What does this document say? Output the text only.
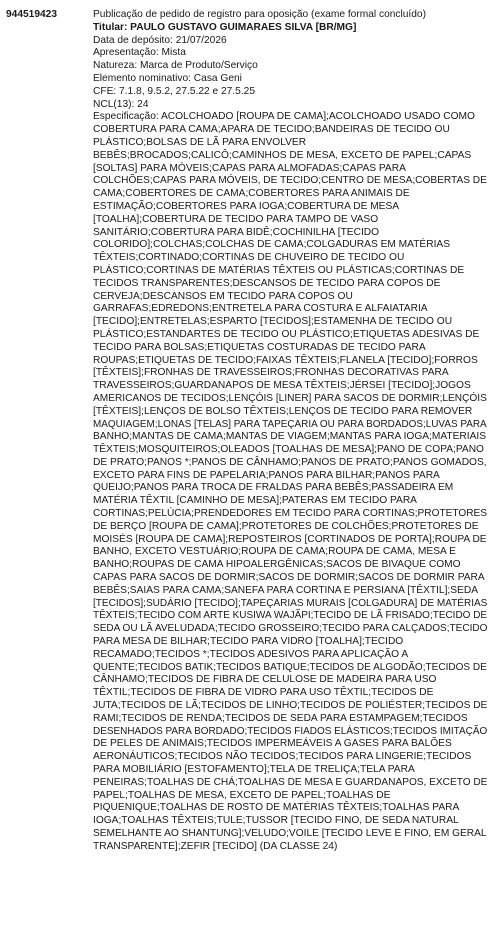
944519423	Publicação de pedido de registro para oposição (exame formal concluído)
Titular: PAULO GUSTAVO GUIMARAES SILVA [BR/MG]
Data de depósito: 21/07/2026
Apresentação: Mista
Natureza: Marca de Produto/Serviço
Elemento nominativo: Casa Geni
CFE: 7.1.8, 9.5.2, 27.5.22 e 27.5.25
NCL(13): 24
Especificação: ACOLCHOADO [ROUPA DE CAMA];ACOLCHOADO USADO COMO
COBERTURA PARA CAMA;APARA DE TECIDO;BANDEIRAS DE TECIDO OU
PLÁSTICO;BOLSAS DE LÃ PARA ENVOLVER
BEBÊS;BROCADOS;CALICÔ;CAMINHOS DE MESA, EXCETO DE PAPEL;CAPAS
[SOLTAS] PARA MÓVEIS;CAPAS PARA ALMOFADAS;CAPAS PARA
COLCHÕES;CAPAS PARA MÓVEIS, DE TECIDO;CENTRO DE MESA;COBERTAS DE
CAMA;COBERTORES DE CAMA;COBERTORES PARA ANIMAIS DE
ESTIMAÇÃO;COBERTORES PARA IOGA;COBERTURA DE MESA
[TOALHA];COBERTURA DE TECIDO PARA TAMPO DE VASO
SANITÁRIO;COBERTURA PARA BIDÊ;COCHINILHA [TECIDO
COLORIDO];COLCHAS;COLCHAS DE CAMA;COLGADURAS EM MATÉRIAS
TÊXTEIS;CORTINADO;CORTINAS DE CHUVEIRO DE TECIDO OU
PLÁSTICO;CORTINAS DE MATÉRIAS TÊXTEIS OU PLÁSTICAS;CORTINAS DE
TECIDOS TRANSPARENTES;DESCANSOS DE TECIDO PARA COPOS DE
CERVEJA;DESCANSOS EM TECIDO PARA COPOS OU
GARRAFAS;EDREDONS;ENTRETELA PARA COSTURA E ALFAIATARIA
[TECIDO];ENTRETELAS;ESPARTO [TECIDOS];ESTAMENHA DE TECIDO OU
PLÁSTICO;ESTANDARTES DE TECIDO OU PLÁSTICO;ETIQUETAS ADESIVAS DE
TECIDO PARA BOLSAS;ETIQUETAS COSTURADAS DE TECIDO PARA
ROUPAS;ETIQUETAS DE TECIDO;FAIXAS TÊXTEIS;FLANELA [TECIDO];FORROS
[TÊXTEIS];FRONHAS DE TRAVESSEIROS;FRONHAS DECORATIVAS PARA
TRAVESSEIROS;GUARDANAPOS DE MESA TÊXTEIS;JÉRSEI [TECIDO];JOGOS
AMERICANOS DE TECIDOS;LENÇÓIS [LINER] PARA SACOS DE DORMIR;LENÇÓIS
[TÊXTEIS];LENÇOS DE BOLSO TÊXTEIS;LENÇOS DE TECIDO PARA REMOVER
MAQUIAGEM;LONAS [TELAS] PARA TAPEÇARIA OU PARA BORDADOS;LUVAS PARA
BANHO;MANTAS DE CAMA;MANTAS DE VIAGEM;MANTAS PARA IOGA;MATERIAIS
TÊXTEIS;MOSQUITEIROS;OLEADOS [TOALHAS DE MESA];PANO DE COPA;PANO
DE PRATO;PANOS *;PANOS DE CÂNHAMO;PANOS DE PRATO;PANOS GOMADOS,
EXCETO PARA FINS DE PAPELARIA;PANOS PARA BILHAR;PANOS PARA
QUEIJO;PANOS PARA TROCA DE FRALDAS PARA BEBÊS;PASSADEIRA EM
MATÉRIA TÊXTIL [CAMINHO DE MESA];PATERAS EM TECIDO PARA
CORTINAS;PELÚCIA;PRENDEDORES EM TECIDO PARA CORTINAS;PROTETORES
DE BERÇO [ROUPA DE CAMA];PROTETORES DE COLCHÕES;PROTETORES DE
MOISÉS [ROUPA DE CAMA];REPOSTEIROS [CORTINADOS DE PORTA];ROUPA DE
BANHO, EXCETO VESTUÁRIO;ROUPA DE CAMA;ROUPA DE CAMA, MESA E
BANHO;ROUPAS DE CAMA HIPOALERGÊNICAS;SACOS DE BIVAQUE COMO
CAPAS PARA SACOS DE DORMIR;SACOS DE DORMIR;SACOS DE DORMIR PARA
BEBÊS;SAIAS PARA CAMA;SANEFA PARA CORTINA E PERSIANA [TÊXTIL];SEDA
[TECIDOS];SUDÁRIO [TECIDO];TAPEÇARIAS MURAIS [COLGADURA] DE MATÉRIAS
TÊXTEIS;TECIDO COM ARTE KUSIWA WAJÃPI;TECIDO DE LÃ FRISADO;TECIDO DE
SEDA OU LÃ AVELUDADA;TECIDO GROSSEIRO;TECIDO PARA CALÇADOS;TECIDO
PARA MESA DE BILHAR;TECIDO PARA VIDRO [TOALHA];TECIDO
RECAMADO;TECIDOS *;TECIDOS ADESIVOS PARA APLICAÇÃO A
QUENTE;TECIDOS BATIK;TECIDOS BATIQUE;TECIDOS DE ALGODÃO;TECIDOS DE
CÂNHAMO;TECIDOS DE FIBRA DE CELULOSE DE MADEIRA PARA USO
TÊXTIL;TECIDOS DE FIBRA DE VIDRO PARA USO TÊXTIL;TECIDOS DE
JUTA;TECIDOS DE LÃ;TECIDOS DE LINHO;TECIDOS DE POLIÉSTER;TECIDOS DE
RAMI;TECIDOS DE RENDA;TECIDOS DE SEDA PARA ESTAMPAGEM;TECIDOS
DESENHADOS PARA BORDADO;TECIDOS FIADOS ELÁSTICOS;TECIDOS IMITAÇÃO
DE PELES DE ANIMAIS;TECIDOS IMPERMEÁVEIS A GASES PARA BALÕES
AERONÁUTICOS;TECIDOS NÃO TECIDOS;TECIDOS PARA LINGERIE;TECIDOS
PARA MOBILIÁRIO [ESTOFAMENTO];TELA DE TRELIÇA;TELA PARA
PENEIRAS;TOALHAS DE CHÁ;TOALHAS DE MESA E GUARDANAPOS, EXCETO DE
PAPEL;TOALHAS DE MESA, EXCETO DE PAPEL;TOALHAS DE
PIQUENIQUE;TOALHAS DE ROSTO DE MATÉRIAS TÊXTEIS;TOALHAS PARA
IOGA;TOALHAS TÊXTEIS;TULE;TUSSOR [TECIDO FINO, DE SEDA NATURAL
SEMELHANTE AO SHANTUNG];VELUDO;VOILE [TECIDO LEVE E FINO, EM GERAL
TRANSPARENTE];ZEFIR [TECIDO] (DA CLASSE 24)
